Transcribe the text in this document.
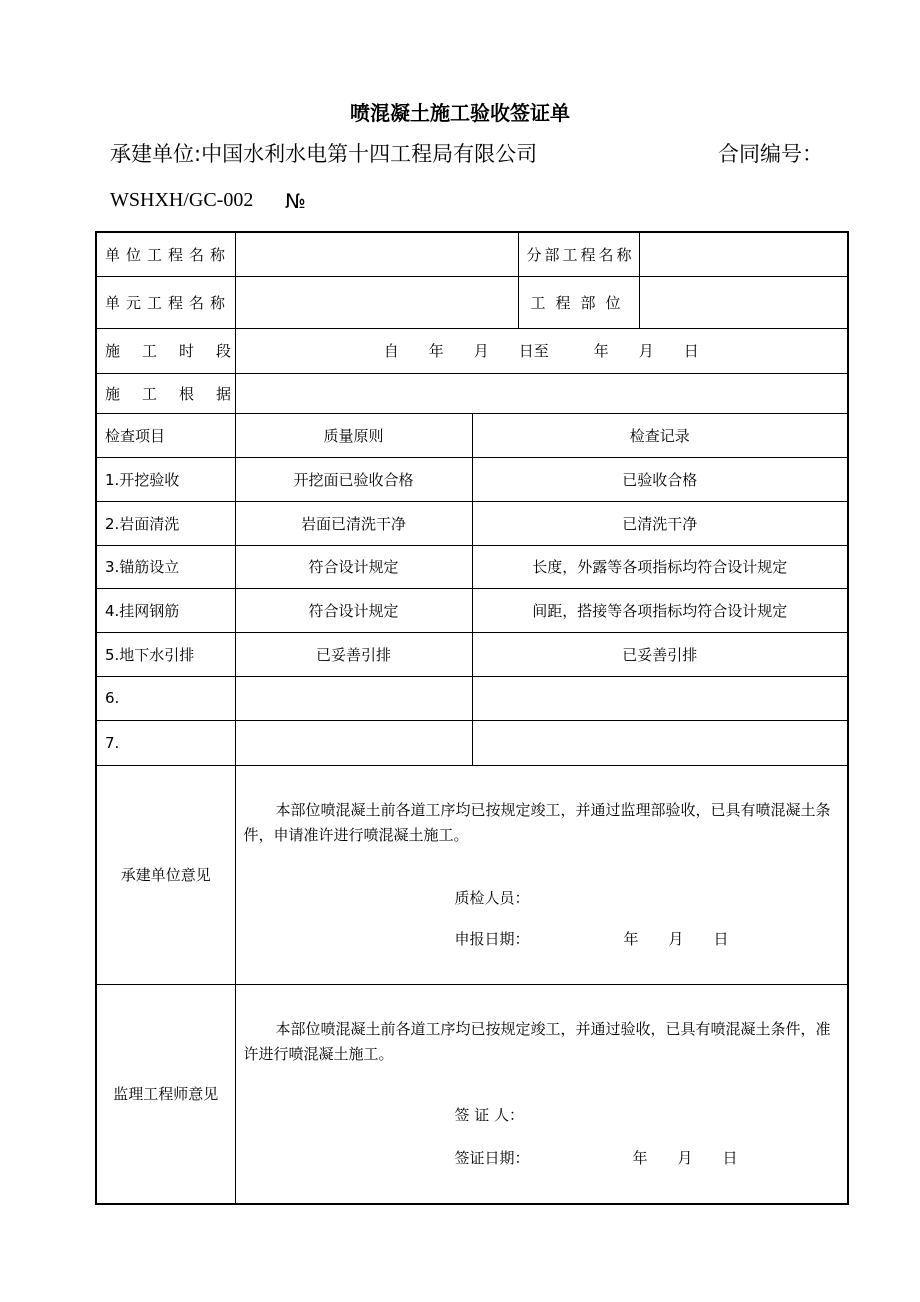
喷混凝土施工验收签证单
承建单位:中国水利水电第十四工程局有限公司	合同编号：
WSHXH/GC-002 №
单位工程名称			分部工程名称	
单元工程名称			工程部位	
施工时段	自　　年　　月　　日至　　　年　　月　　日			
施工根据				
检查项目	质量原则	检查记录		
1.开挖验收	开挖面已验收合格	已验收合格		
2.岩面清洗	岩面已清洗干净	已清洗干净		
3.锚筋设立	符合设计规定	长度，外露等各项指标均符合设计规定		
4.挂网钢筋	符合设计规定	间距，搭接等各项指标均符合设计规定		
5.地下水引排	已妥善引排	已妥善引排		
6.				
7.				
承建单位意见	本部位喷混凝土前各道工序均已按规定竣工，并通过监理部验收，已具有喷混凝土条件，申请准许进行喷混凝土施工。
质检人员：
申报日期： 年　　月　　日			

监理工程师意见	本部位喷混凝土前各道工序均已按规定竣工，并通过验收，已具有喷混凝土条件，准许进行喷混凝土施工。
签 证 人：
签证日期： 年　　月　　日			
